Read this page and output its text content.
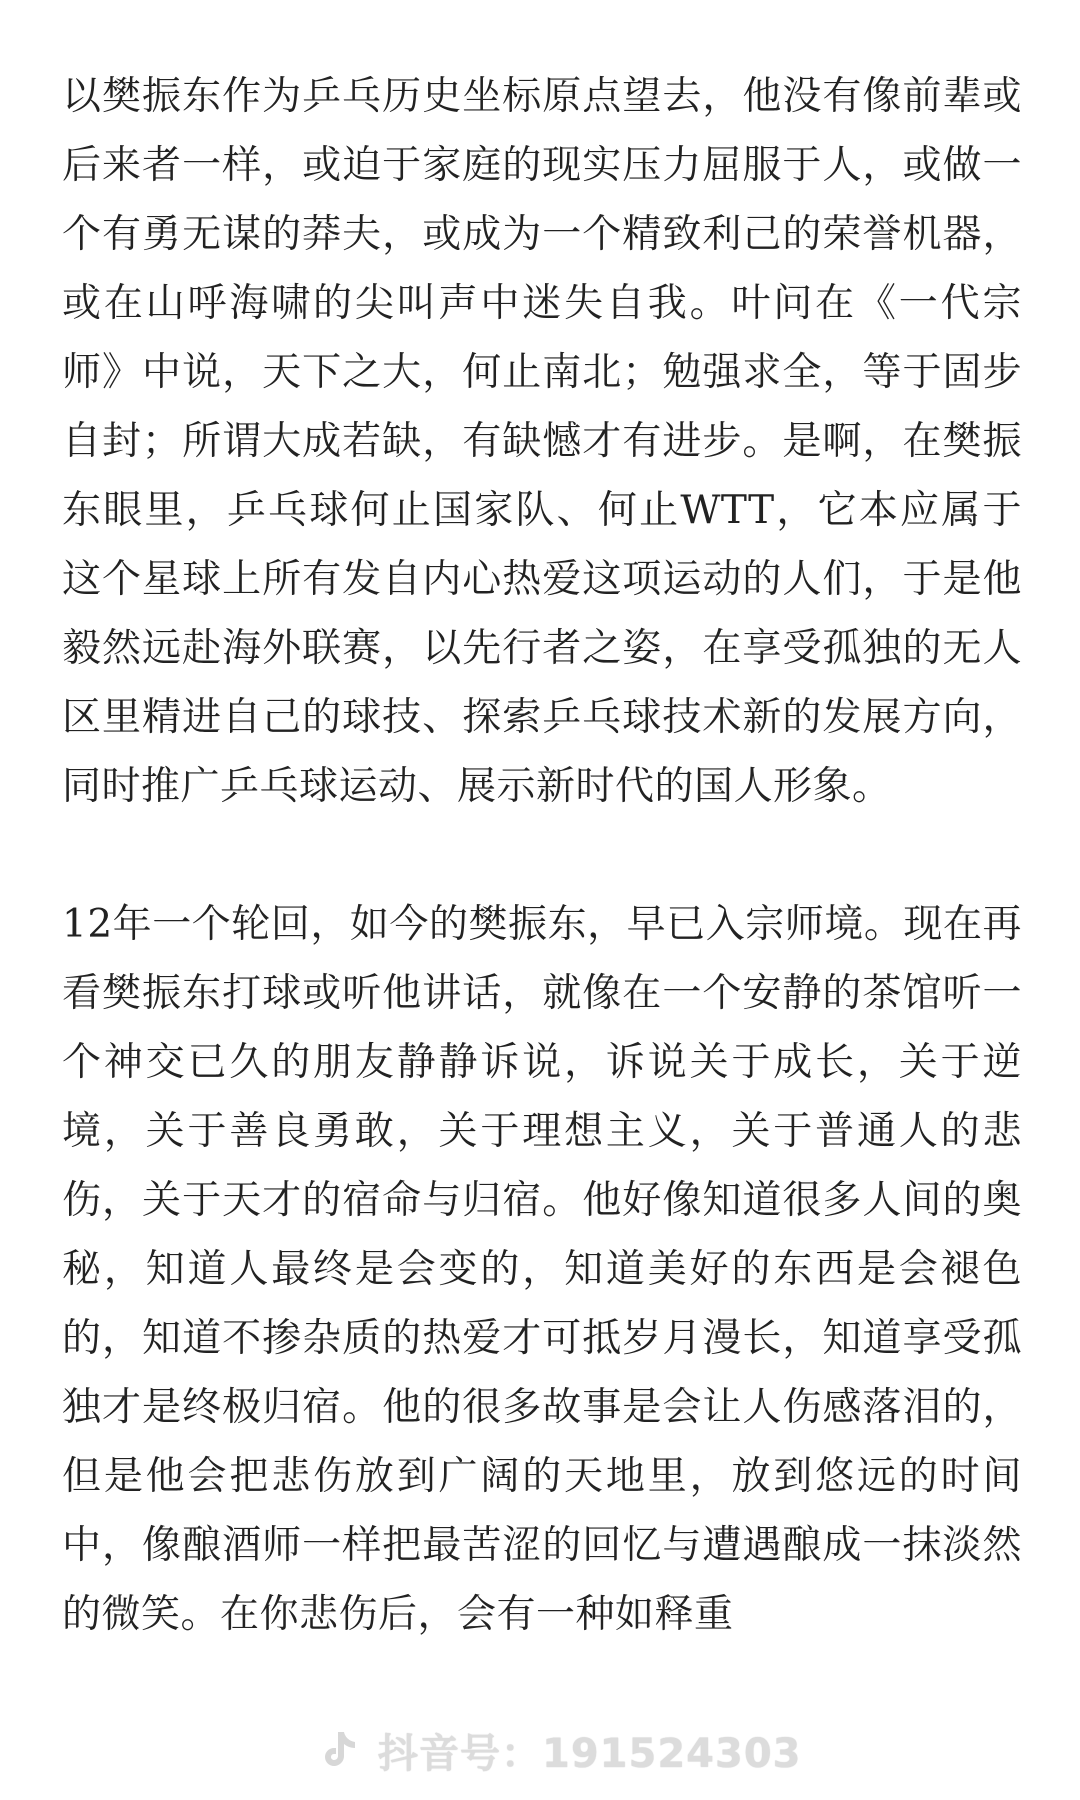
以樊振东作为乒乓历史坐标原点望去，他没有像前辈或后来者一样，或迫于家庭的现实压力屈服于人，或做一个有勇无谋的莽夫，或成为一个精致利己的荣誉机器，或在山呼海啸的尖叫声中迷失自我。叶问在《一代宗师》中说，天下之大，何止南北；勉强求全，等于固步自封；所谓大成若缺，有缺憾才有进步。是啊，在樊振东眼里，乒乓球何止国家队、何止WTT，它本应属于这个星球上所有发自内心热爱这项运动的人们，于是他毅然远赴海外联赛，以先行者之姿，在享受孤独的无人区里精进自己的球技、探索乒乓球技术新的发展方向，同时推广乒乓球运动、展示新时代的国人形象。

12年一个轮回，如今的樊振东，早已入宗师境。现在再看樊振东打球或听他讲话，就像在一个安静的茶馆听一个神交已久的朋友静静诉说，诉说关于成长，关于逆境，关于善良勇敢，关于理想主义，关于普通人的悲伤，关于天才的宿命与归宿。他好像知道很多人间的奥秘，知道人最终是会变的，知道美好的东西是会褪色的，知道不掺杂质的热爱才可抵岁月漫长，知道享受孤独才是终极归宿。他的很多故事是会让人伤感落泪的，但是他会把悲伤放到广阔的天地里，放到悠远的时间中，像酿酒师一样把最苦涩的回忆与遭遇酿成一抹淡然的微笑。在你悲伤后，会有一种如释重

抖音号：191524303
